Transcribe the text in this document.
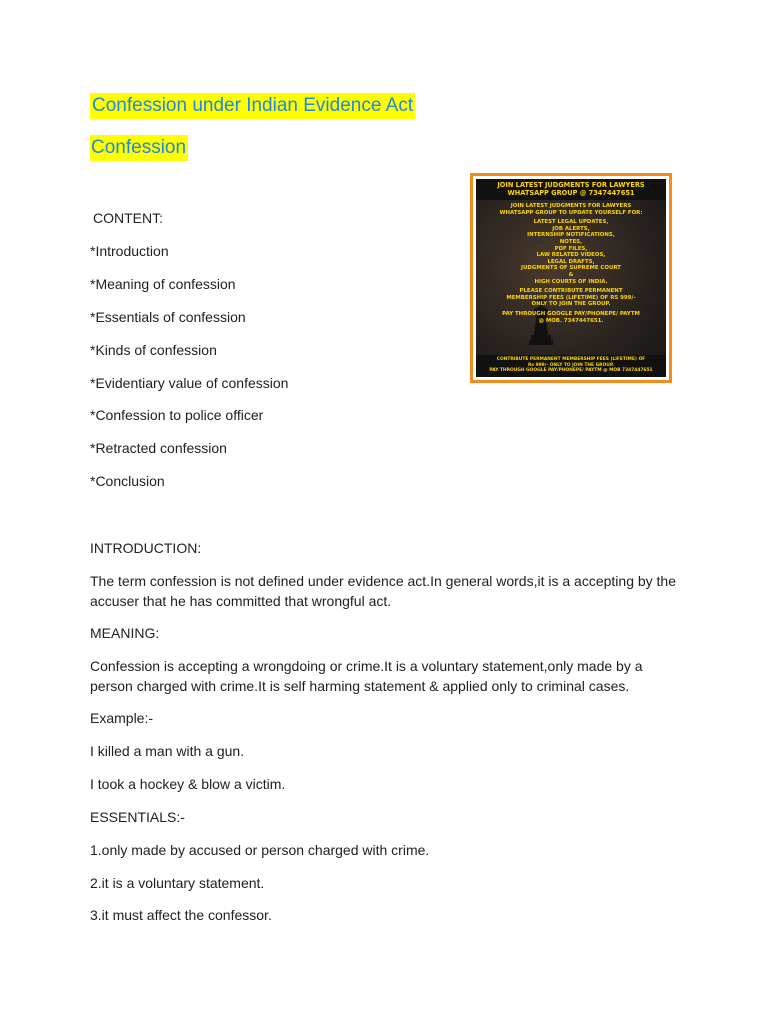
Confession under Indian Evidence Act
Confession
CONTENT:
*Introduction
*Meaning of confession
*Essentials of confession
*Kinds of confession
*Evidentiary value of confession
*Confession to police officer
*Retracted confession
*Conclusion
INTRODUCTION:
The term confession is not defined under evidence act.In general words,it is a accepting by the accuser that he has committed that wrongful act.
MEANING:
Confession is accepting a wrongdoing or crime.It is a voluntary statement,only made by a person charged with crime.It is self harming statement & applied only to criminal cases.
Example:-
I killed a man with a gun.
I took a hockey & blow a victim.
ESSENTIALS:-
1.only made by accused or person charged with crime.
2.it is a voluntary statement.
3.it must affect the confessor.
JOIN LATEST JUDGMENTS FOR LAWYERS
WHATSAPP GROUP @ 7347447651
JOIN LATEST JUDGMENTS FOR LAWYERS
WHATSAPP GROUP TO UPDATE YOURSELF FOR:
LATEST LEGAL UPDATES,
JOB ALERTS,
INTERNSHIP NOTIFICATIONS,
NOTES,
PDF FILES,
LAW RELATED VIDEOS,
LEGAL DRAFTS,
JUDGMENTS OF SUPREME COURT
&
HIGH COURTS OF INDIA.
PLEASE CONTRIBUTE PERMANENT
MEMBERSHIP FEES (LIFETIME) OF RS 999/-
ONLY TO JOIN THE GROUP.
PAY THROUGH GOOGLE PAY/PHONEPE/ PAYTM
@ MOB. 7347447651.
CONTRIBUTE PERMANENT MEMBERSHIP FEES (LIFETIME) OF
Rs 999/- ONLY TO JOIN THE GROUP.
PAY THROUGH GOOGLE PAY/PHONEPE/ PAYTM @ MOB 7347447651
